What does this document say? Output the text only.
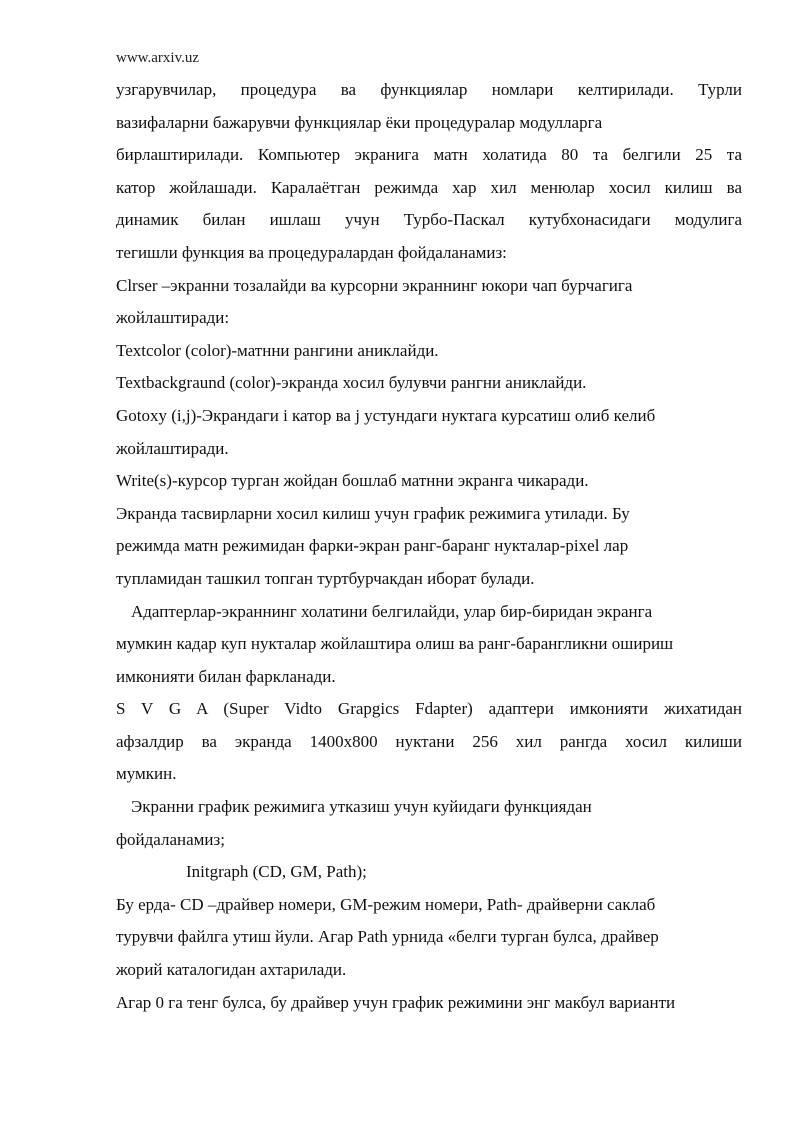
www.arxiv.uz
узгарувчилар, процедура ва функциялар номлари келтирилади. Турли
вазифаларни бажарувчи функциялар ёки процедуралар модулларга
бирлаштирилади. Компьютер экранига матн холатида 80 та белгили 25 та
катор жойлашади. Каралаётган режимда хар хил менюлар хосил килиш ва
динамик билан ишлаш учун Турбо-Паскал кутубхонасидаги модулига
тегишли функция ва процедуралардан фойдаланамиз:
Clrser –экранни тозалайди ва курсорни экраннинг юкори чап бурчагига
жойлаштиради:
Textcolor (color)-матнни рангини аниклайди.
Textbackgraund (color)-экранда хосил булувчи рангни аниклайди.
Gotoxy (i,j)-Экрандаги i катор ва j устундаги нуктага курсатиш олиб келиб
жойлаштиради.
Write(s)-курсор турган жойдан бошлаб матнни экранга чикаради.
Экранда тасвирларни хосил килиш учун график режимига утилади. Бу
режимда матн режимидан фарки-экран ранг-баранг нукталар-pixel лар
тупламидан ташкил топган туртбурчакдан иборат булади.
Адаптерлар-экраннинг холатини белгилайди, улар бир-биридан экранга
мумкин кадар куп нукталар жойлаштира олиш ва ранг-барангликни ошириш
имконияти билан фаркланади.
S V G A (Super Vidto Grapgics Fdapter) адаптери имконияти жихатидан
афзалдир ва экранда 1400x800 нуктани 256 хил рангда хосил килиши
мумкин.
Экранни график режимига утказиш учун куйидаги функциядан
фойдаланамиз;
Initgraph (CD, GM, Path);
Бу ерда- CD –драйвер номери, GM-режим номери, Path- драйверни саклаб
турувчи файлга утиш йули. Агар Path урнида «белги турган булса, драйвер
жорий каталогидан ахтарилади.
Агар 0 га тенг булса, бу драйвер учун график режимини энг макбул варианти
